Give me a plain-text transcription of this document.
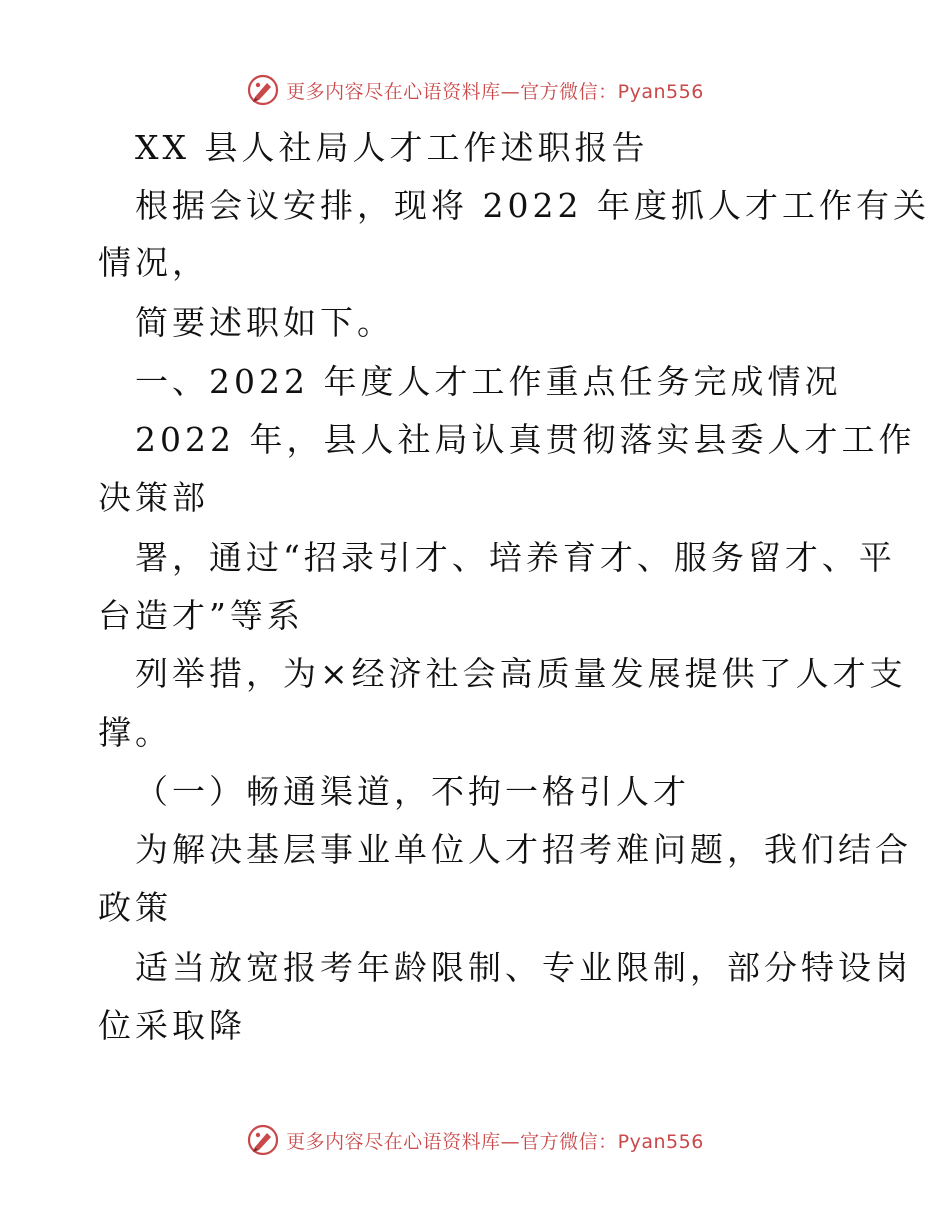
更多内容尽在心语资料库—官方微信：Pyan556
XX 县人社局人才工作述职报告
根据会议安排，现将 2022 年度抓人才工作有关
情况，
简要述职如下。
一、2022 年度人才工作重点任务完成情况
2022 年，县人社局认真贯彻落实县委人才工作
决策部
署，通过“招录引才、培养育才、服务留才、平
台造才”等系
列举措，为×经济社会高质量发展提供了人才支
撑。
（一）畅通渠道，不拘一格引人才
为解决基层事业单位人才招考难问题，我们结合
政策
适当放宽报考年龄限制、专业限制，部分特设岗
位采取降
更多内容尽在心语资料库—官方微信：Pyan556
